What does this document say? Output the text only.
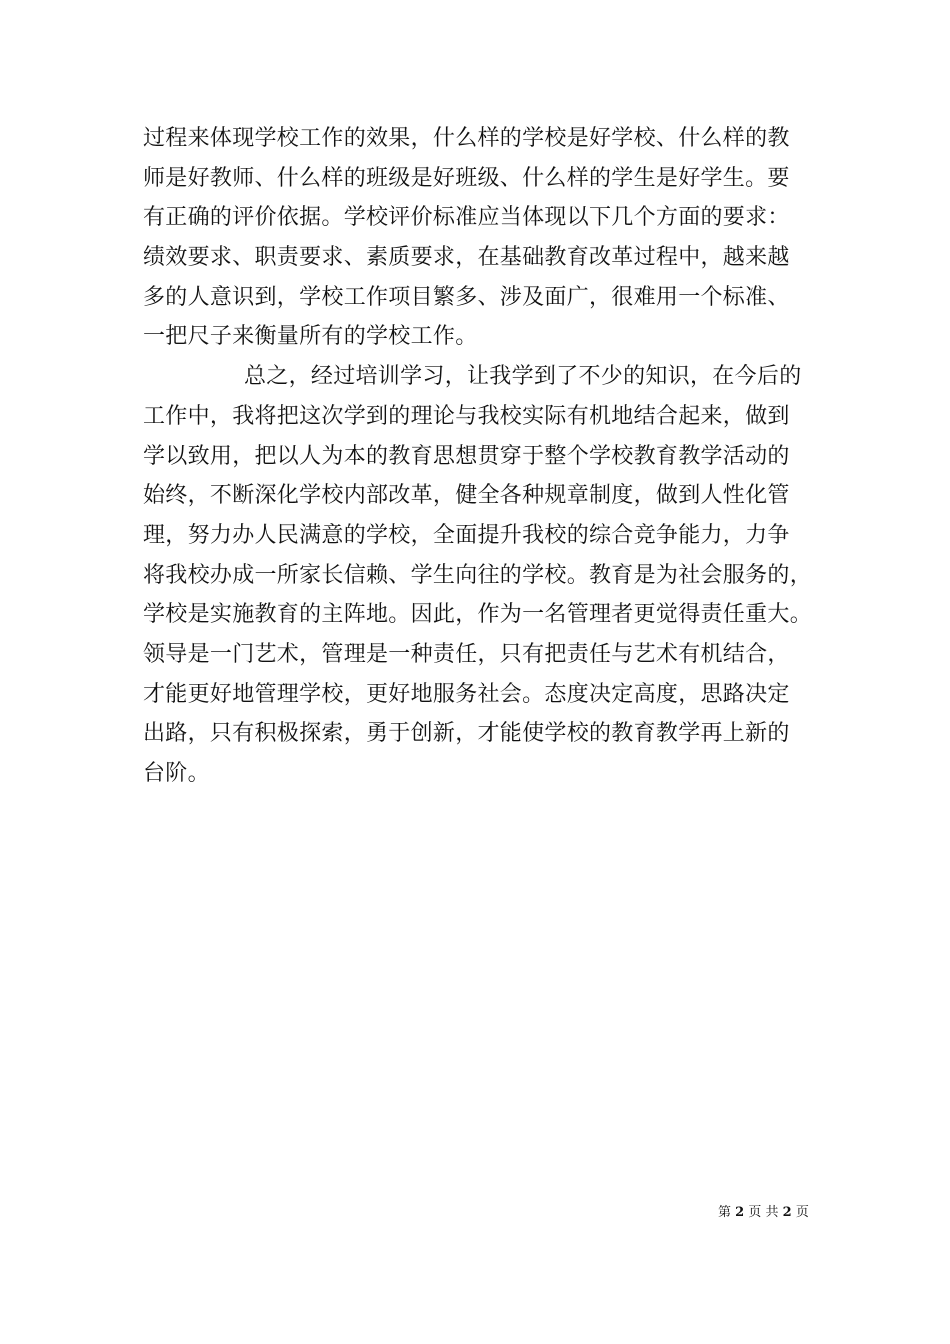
过程来体现学校工作的效果，什么样的学校是好学校、什么样的教
师是好教师、什么样的班级是好班级、什么样的学生是好学生。要
有正确的评价依据。学校评价标准应当体现以下几个方面的要求：
绩效要求、职责要求、素质要求，在基础教育改革过程中，越来越
多的人意识到，学校工作项目繁多、涉及面广，很难用一个标准、
一把尺子来衡量所有的学校工作。
总之，经过培训学习，让我学到了不少的知识，在今后的
工作中，我将把这次学到的理论与我校实际有机地结合起来，做到
学以致用，把以人为本的教育思想贯穿于整个学校教育教学活动的
始终，不断深化学校内部改革，健全各种规章制度，做到人性化管
理，努力办人民满意的学校，全面提升我校的综合竞争能力，力争
将我校办成一所家长信赖、学生向往的学校。教育是为社会服务的，
学校是实施教育的主阵地。因此，作为一名管理者更觉得责任重大。
领导是一门艺术，管理是一种责任，只有把责任与艺术有机结合，
才能更好地管理学校，更好地服务社会。态度决定高度，思路决定
出路，只有积极探索，勇于创新，才能使学校的教育教学再上新的
台阶。
第 2 页 共 2 页
